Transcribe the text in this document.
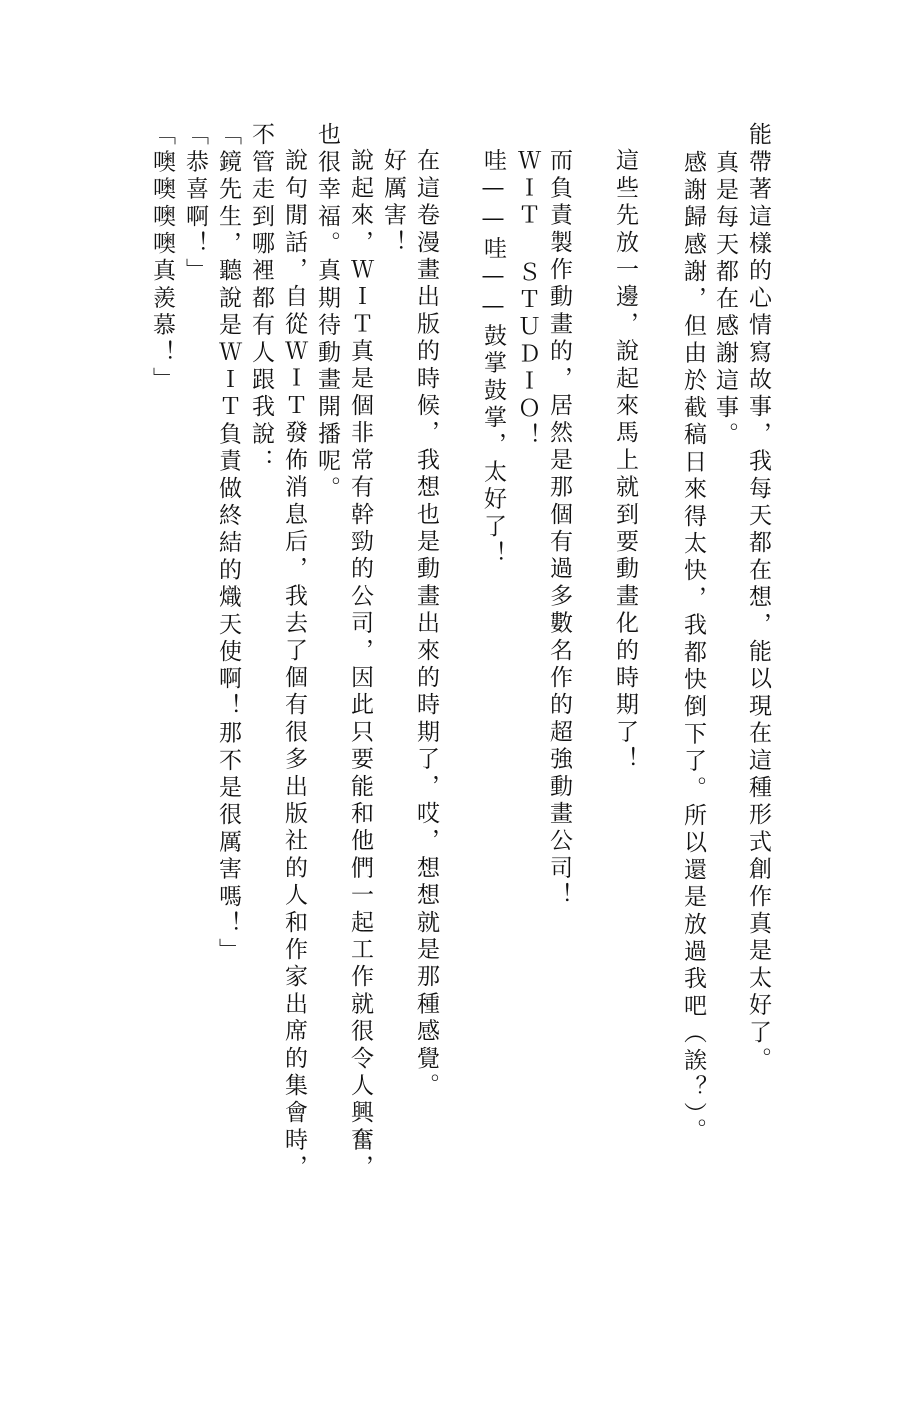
能帶著這樣的心情寫故事，我每天都在想，能以現在這種形式創作真是太好了。

真是每天都在感謝這事。

感謝歸感謝，但由於截稿日來得太快，我都快倒下了。所以還是放過我吧（誒？）。

這些先放一邊，說起來馬上就到要動畫化的時期了！

而負責製作動畫的，居然是那個有過多數名作的超強動畫公司！

ＷＩＴ ＳＴＵＤＩＯ！

哇——哇——鼓掌鼓掌，太好了！

在這卷漫畫出版的時候，我想也是動畫出來的時期了，哎，想想就是那種感覺。

好厲害！

說起來，ＷＩＴ真是個非常有幹勁的公司，因此只要能和他們一起工作就很令人興奮，

也很幸福。真期待動畫開播呢。

說句閒話，自從ＷＩＴ發佈消息后，我去了個有很多出版社的人和作家出席的集會時，

不管走到哪裡都有人跟我說：

「鏡先生，聽說是ＷＩＴ負責做終結的熾天使啊！那不是很厲害嗎！」

「恭喜啊！」

「噢噢噢噢真羨慕！」
